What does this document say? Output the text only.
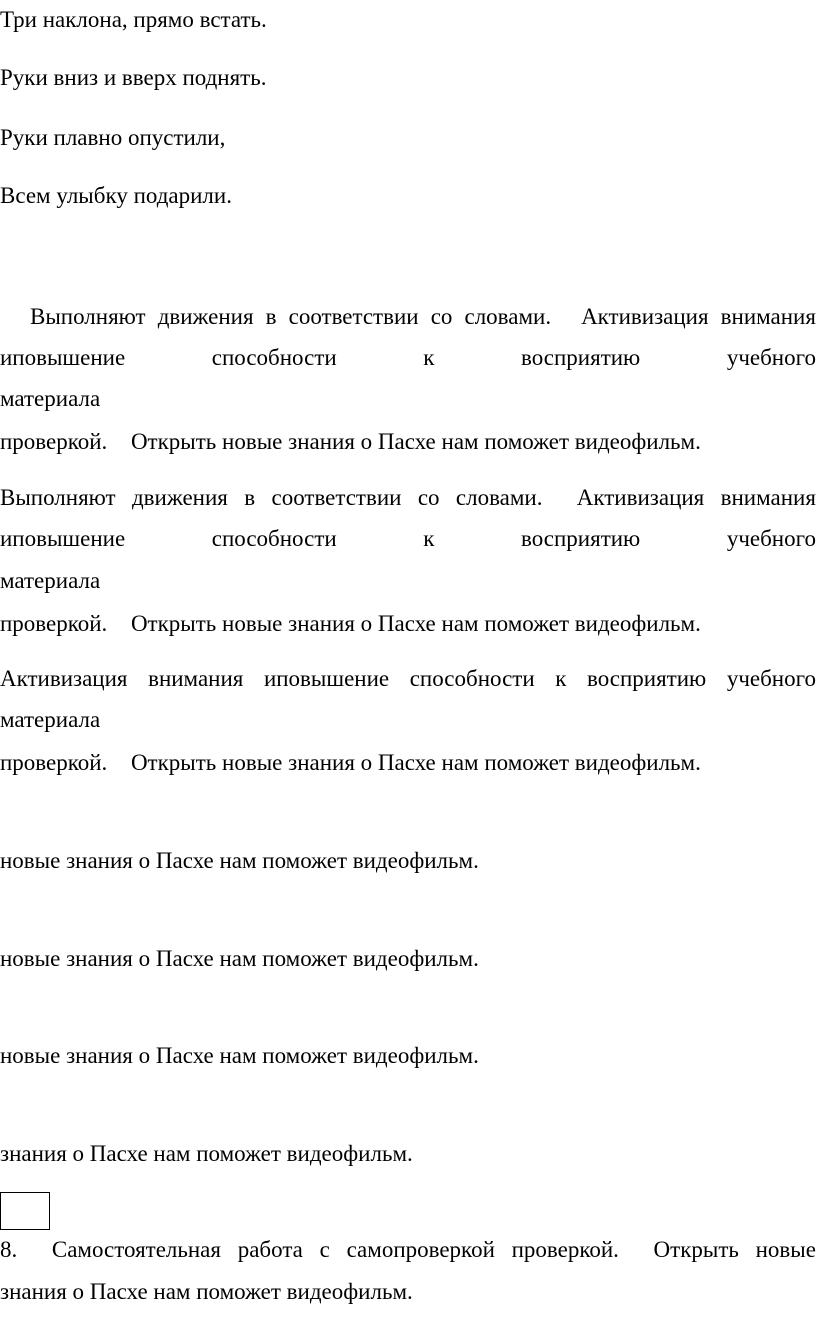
Три наклона, прямо встать.
Руки вниз и вверх поднять.
Руки плавно опустили,
Всем улыбку подарили.
Выполняют движения в соответствии со словами. Активизация внимания
иповышение	способности	к	восприятию	учебного
материала
проверкой.  Открыть новые знания о Пасхе нам поможет видеофильм.
Выполняют движения в соответствии со	словами. Активизация внимания
иповышение	способности	к	восприятию	учебного
материала
проверкой.  Открыть новые знания о Пасхе нам поможет видеофильм.
Активизация внимания иповышение способности к восприятию учебного
материала
проверкой.  Открыть новые знания о Пасхе нам поможет видеофильм.

новые знания о Пасхе нам поможет видеофильм.

новые знания о Пасхе нам поможет видеофильм.

новые знания о Пасхе нам поможет видеофильм.

знания о Пасхе нам поможет видеофильм.
8. Самостоятельная работа с самопроверкой	проверкой. Открыть новые
знания о Пасхе нам поможет видеофильм.
